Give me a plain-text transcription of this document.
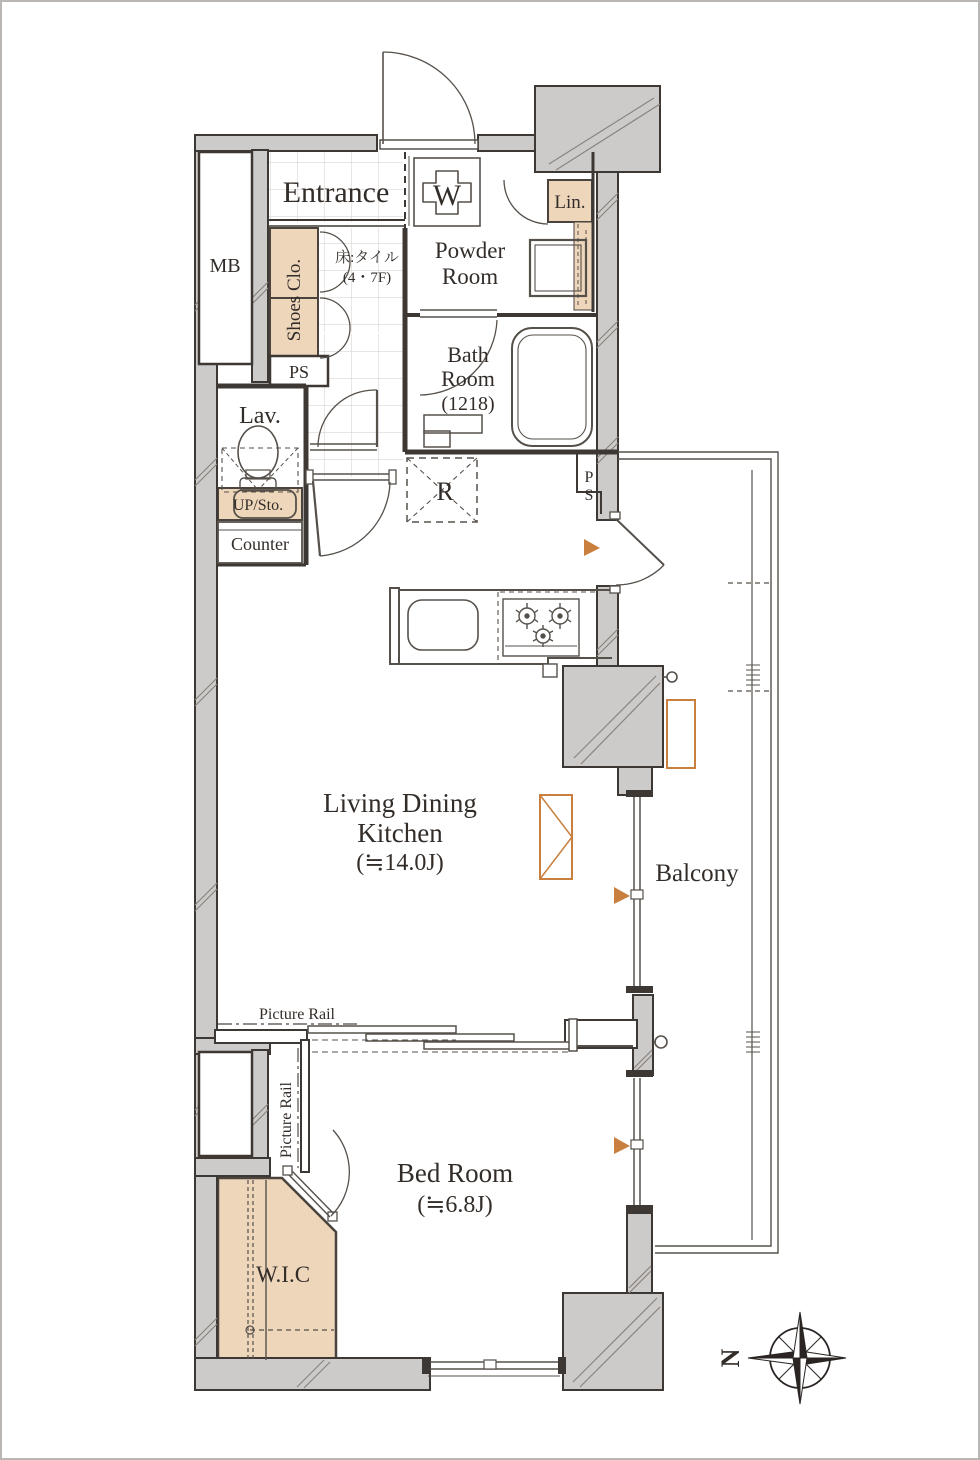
Entrance
MB Shoes Clo.
床:タイル
(4・7F)
PS
W
Powder
Room
Lin.
Bath
Room
(1218)
Lav.
UP/Sto.
Counter
R	P
S
Living Dining
Kitchen
(≒14.0J)	Balcony
Picture Rail
Picture Rail
Bed Room
(≒6.8J)
W.I.C
N
